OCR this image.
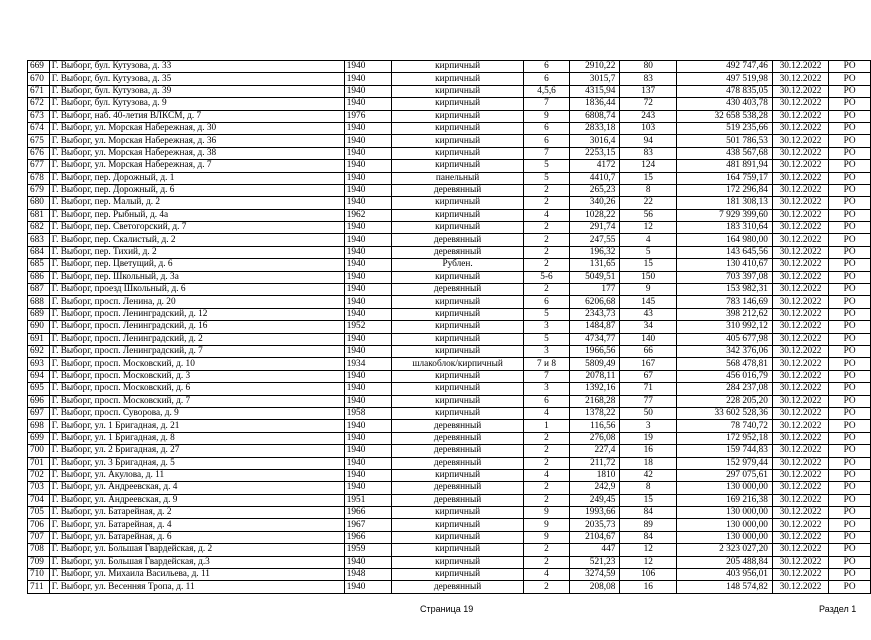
669	Г. Выборг, бул. Кутузова, д. 33	1940	кирпичный	6	2910,22	80	492 747,46	30.12.2022	РО
670	Г. Выборг, бул. Кутузова, д. 35	1940	кирпичный	6	3015,7	83	497 519,98	30.12.2022	РО
671	Г. Выборг, бул. Кутузова, д. 39	1940	кирпичный	4,5,6	4315,94	137	478 835,05	30.12.2022	РО
672	Г. Выборг, бул. Кутузова, д. 9	1940	кирпичный	7	1836,44	72	430 403,78	30.12.2022	РО
673	Г. Выборг, наб. 40-летия ВЛКСМ, д. 7	1976	кирпичный	9	6808,74	243	32 658 538,28	30.12.2022	РО
674	Г. Выборг, ул. Морская Набережная, д. 30	1940	кирпичный	6	2833,18	103	519 235,66	30.12.2022	РО
675	Г. Выборг, ул. Морская Набережная, д. 36	1940	кирпичный	6	3016,4	94	501 786,53	30.12.2022	РО
676	Г. Выборг, ул. Морская Набережная, д. 38	1940	кирпичный	7	2253,15	83	438 567,68	30.12.2022	РО
677	Г. Выборг, ул. Морская Набережная, д. 7	1940	кирпичный	5	4172	124	481 891,94	30.12.2022	РО
678	Г. Выборг, пер. Дорожный, д. 1	1940	панельный	5	4410,7	15	164 759,17	30.12.2022	РО
679	Г. Выборг, пер. Дорожный, д. 6	1940	деревянный	2	265,23	8	172 296,84	30.12.2022	РО
680	Г. Выборг, пер. Малый, д. 2	1940	кирпичный	2	340,26	22	181 308,13	30.12.2022	РО
681	Г. Выборг, пер. Рыбный, д. 4а	1962	кирпичный	4	1028,22	56	7 929 399,60	30.12.2022	РО
682	Г. Выборг, пер. Светогорский, д. 7	1940	кирпичный	2	291,74	12	183 310,64	30.12.2022	РО
683	Г. Выборг, пер. Скалистый, д. 2	1940	деревянный	2	247,55	4	164 980,00	30.12.2022	РО
684	Г. Выборг, пер. Тихий, д. 2	1940	деревянный	2	196,32	5	143 645,56	30.12.2022	РО
685	Г. Выборг, пер. Цветущий, д. 6	1940	Рублен.	2	131,65	15	130 410,67	30.12.2022	РО
686	Г. Выборг, пер. Школьный, д. 3а	1940	кирпичный	5-6	5049,51	150	703 397,08	30.12.2022	РО
687	Г. Выборг, проезд Школьный, д. 6	1940	деревянный	2	177	9	153 982,31	30.12.2022	РО
688	Г. Выборг, просп. Ленина, д. 20	1940	кирпичный	6	6206,68	145	783 146,69	30.12.2022	РО
689	Г. Выборг, просп. Ленинградский, д. 12	1940	кирпичный	5	2343,73	43	398 212,62	30.12.2022	РО
690	Г. Выборг, просп. Ленинградский, д. 16	1952	кирпичный	3	1484,87	34	310 992,12	30.12.2022	РО
691	Г. Выборг, просп. Ленинградский, д. 2	1940	кирпичный	5	4734,77	140	405 677,98	30.12.2022	РО
692	Г. Выборг, просп. Ленинградский, д. 7	1940	кирпичный	3	1966,56	66	342 376,06	30.12.2022	РО
693	Г. Выборг, просп. Московский, д. 10	1934	шлакоблок/кирпичный	7 и 8	5809,49	167	568 478,81	30.12.2022	РО
694	Г. Выборг, просп. Московский, д. 3	1940	кирпичный	7	2078,11	67	456 016,79	30.12.2022	РО
695	Г. Выборг, просп. Московский, д. 6	1940	кирпичный	3	1392,16	71	284 237,08	30.12.2022	РО
696	Г. Выборг, просп. Московский, д. 7	1940	кирпичный	6	2168,28	77	228 205,20	30.12.2022	РО
697	Г. Выборг, просп. Суворова, д. 9	1958	кирпичный	4	1378,22	50	33 602 528,36	30.12.2022	РО
698	Г. Выборг, ул. 1 Бригадная, д. 21	1940	деревянный	1	116,56	3	78 740,72	30.12.2022	РО
699	Г. Выборг, ул. 1 Бригадная, д. 8	1940	деревянный	2	276,08	19	172 952,18	30.12.2022	РО
700	Г. Выборг, ул. 2 Бригадная, д. 27	1940	деревянный	2	227,4	16	159 744,83	30.12.2022	РО
701	Г. Выборг, ул. 3 Бригадная, д. 5	1940	деревянный	2	211,72	18	152 979,44	30.12.2022	РО
702	Г. Выборг, ул. Акулова, д. 11	1940	кирпичный	4	1810	42	297 075,61	30.12.2022	РО
703	Г. Выборг, ул. Андреевская, д. 4	1940	деревянный	2	242,9	8	130 000,00	30.12.2022	РО
704	Г. Выборг, ул. Андреевская, д. 9	1951	деревянный	2	249,45	15	169 216,38	30.12.2022	РО
705	Г. Выборг, ул. Батарейная, д. 2	1966	кирпичный	9	1993,66	84	130 000,00	30.12.2022	РО
706	Г. Выборг, ул. Батарейная, д. 4	1967	кирпичный	9	2035,73	89	130 000,00	30.12.2022	РО
707	Г. Выборг, ул. Батарейная, д. 6	1966	кирпичный	9	2104,67	84	130 000,00	30.12.2022	РО
708	Г. Выборг, ул. Большая Гвардейская, д. 2	1959	кирпичный	2	447	12	2 323 027,20	30.12.2022	РО
709	Г. Выборг, ул. Большая Гвардейская, д.3	1940	кирпичный	2	521,23	12	205 488,84	30.12.2022	РО
710	Г. Выборг, ул. Михаила Васильева, д. 11	1948	кирпичный	4	3274,59	106	403 956,01	30.12.2022	РО
711	Г. Выборг, ул. Весенняя Тропа, д. 11	1940	деревянный	2	208,08	16	148 574,82	30.12.2022	РО
Страница 19	Раздел 1
